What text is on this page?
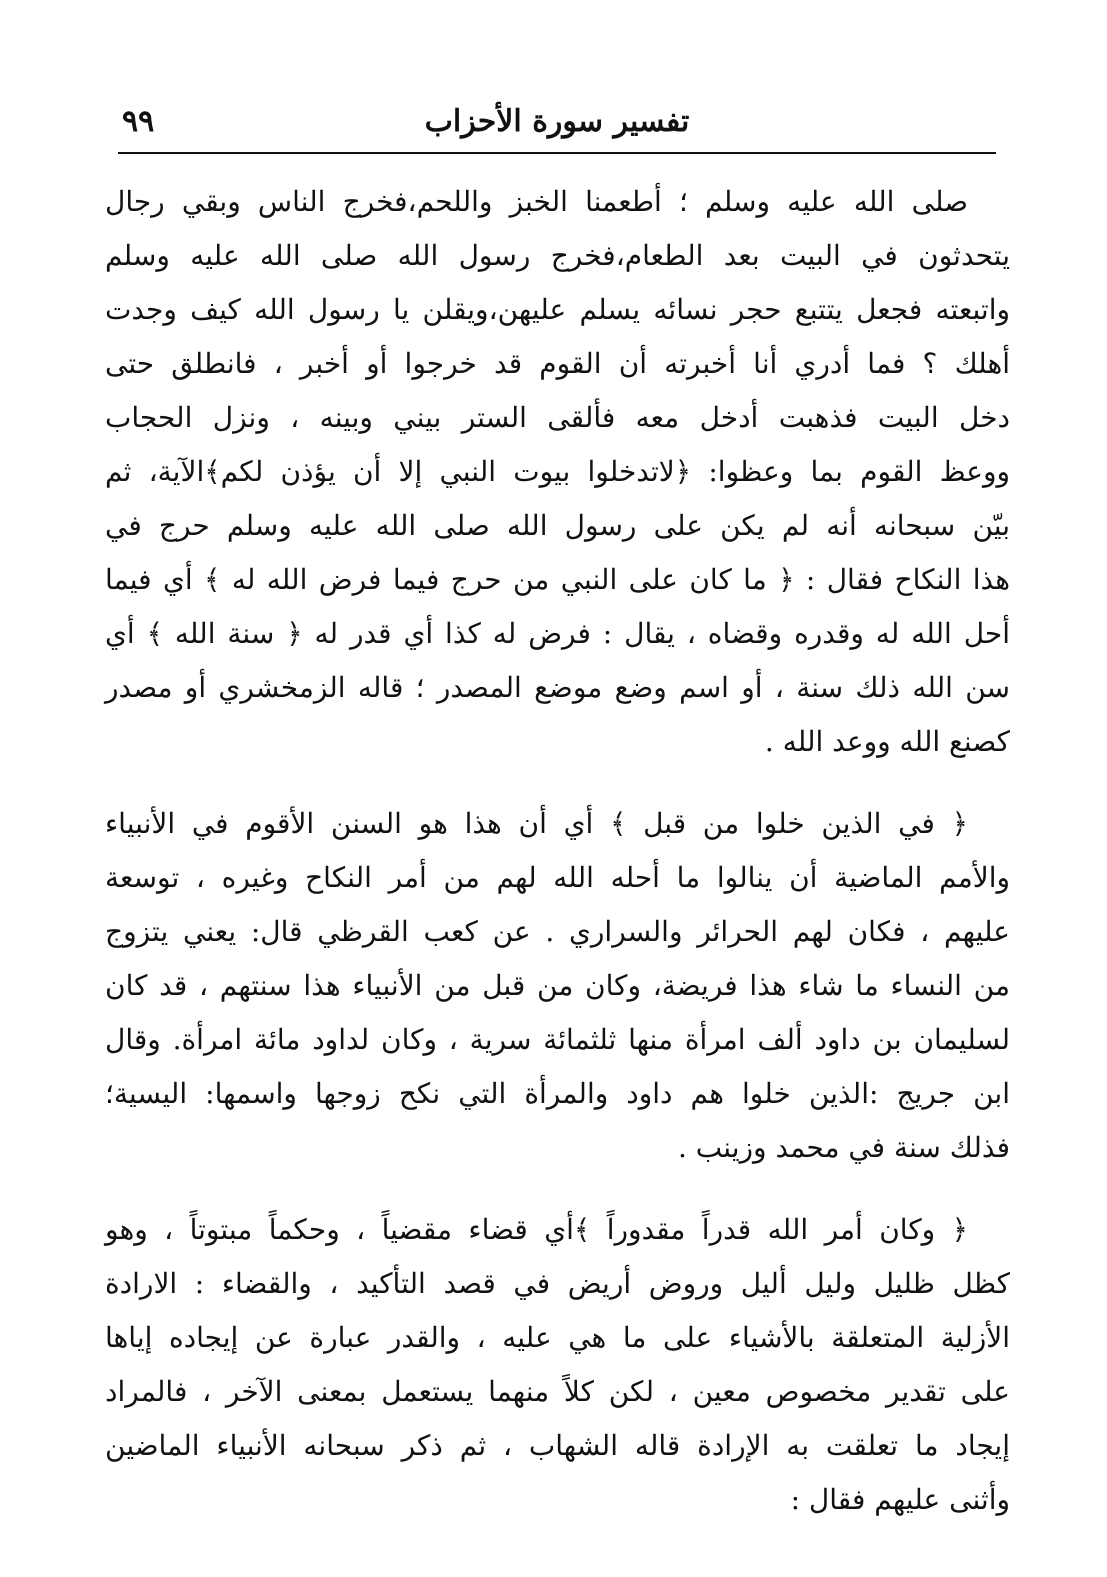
٩٩	تفسير سورة الأحزاب

صلى الله عليه وسلم ؛ أطعمنا الخبز واللحم،فخرج الناس وبقي رجال
يتحدثون في البيت بعد الطعام،فخرج رسول الله صلى الله عليه وسلم
واتبعته فجعل يتتبع حجر نسائه يسلم عليهن،ويقلن يا رسول الله كيف وجدت
أهلك ؟ فما أدري أنا أخبرته أن القوم قد خرجوا أو أخبر ، فانطلق حتى
دخل البيت فذهبت أدخل معه فألقى الستر بيني وبينه ، ونزل الحجاب
ووعظ القوم بما وعظوا: ﴿لاتدخلوا بيوت النبي إلا أن يؤذن لكم﴾الآية، ثم
بيّن سبحانه أنه لم يكن على رسول الله صلى الله عليه وسلم حرج في
هذا النكاح فقال : ﴿ ما كان على النبي من حرج فيما فرض الله له ﴾ أي فيما
أحل الله له وقدره وقضاه ، يقال : فرض له كذا أي قدر له ﴿ سنة الله ﴾ أي
سن الله ذلك سنة ، أو اسم وضع موضع المصدر ؛ قاله الزمخشري أو مصدر
كصنع الله ووعد الله .

﴿ في الذين خلوا من قبل ﴾ أي أن هذا هو السنن الأقوم في الأنبياء
والأمم الماضية أن ينالوا ما أحله الله لهم من أمر النكاح وغيره ، توسعة
عليهم ، فكان لهم الحرائر والسراري . عن كعب القرظي قال: يعني يتزوج
من النساء ما شاء هذا فريضة، وكان من قبل من الأنبياء هذا سنتهم ، قد كان
لسليمان بن داود ألف امرأة منها ثلثمائة سرية ، وكان لداود مائة امرأة. وقال
ابن جريج :الذين خلوا هم داود والمرأة التي نكح زوجها واسمها: اليسية؛
فذلك سنة في محمد وزينب .

﴿ وكان أمر الله قدراً مقدوراً ﴾أي قضاء مقضياً ، وحكماً مبتوتاً ، وهو
كظل ظليل وليل أليل وروض أريض في قصد التأكيد ، والقضاء : الارادة
الأزلية المتعلقة بالأشياء على ما هي عليه ، والقدر عبارة عن إيجاده إياها
على تقدير مخصوص معين ، لكن كلاً منهما يستعمل بمعنى الآخر ، فالمراد
إيجاد ما تعلقت به الإرادة قاله الشهاب ، ثم ذكر سبحانه الأنبياء الماضين
وأثنى عليهم فقال :
